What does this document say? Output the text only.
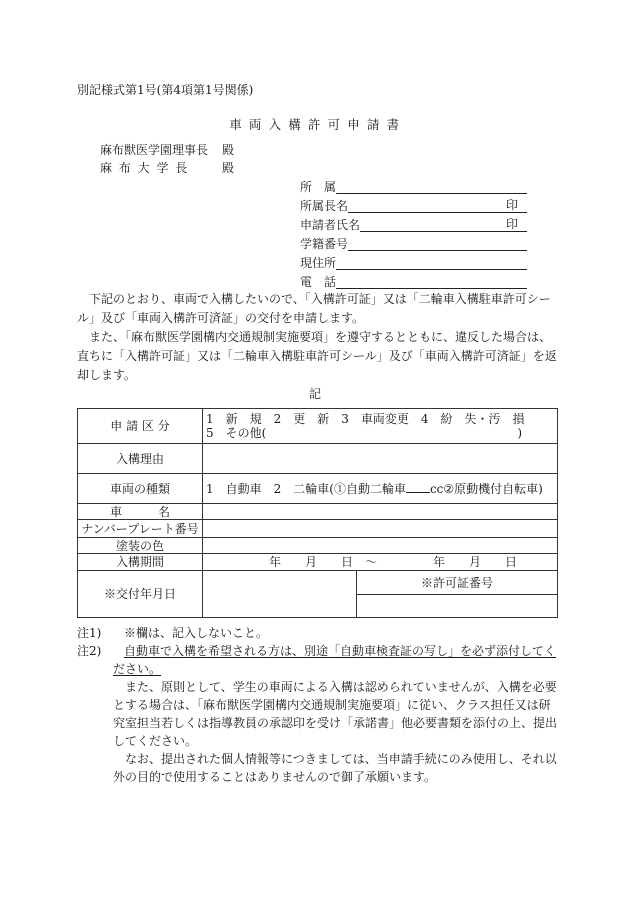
別記様式第1号(第4項第1号関係)
車 両 入 構 許 可 申 請 書
麻布獣医学園理事長 殿
麻 布 大 学 長	殿
所　属
所属長名	印
申請者氏名	印
学籍番号
現住所
電　話
下記のとおり、車両で入構したいので、「入構許可証」又は「二輪車入構駐車許可シー
ル」及び「車両入構許可済証」の交付を申請します。
また、「麻布獣医学園構内交通規制実施要項」を遵守するとともに、違反した場合は、
直ちに「入構許可証」又は「二輪車入構駐車許可シール」及び「車両入構許可済証」を返
却します。
記
申 請 区 分	1　新　規　2　更　新　3　車両変更　4　紛　失・汚　損
5　その他( )	

入構理由		
車両の種類	1　自動車　2　二輪車(①自動二輪車 cc②原動機付自転車)	
車　　　名		
ナンバープレート番号		
塗装の色		
入構期間	年　　月　　日　〜 年　　月　　日	

※交付年月日		※許可証番号

注1) ※欄は、記入しないこと。
注2) 自動車で入構を希望される方は、別途「自動車検査証の写し」を必ず添付してく
ださい。
また、原則として、学生の車両による入構は認められていませんが、入構を必要
とする場合は、「麻布獣医学園構内交通規制実施要項」に従い、クラス担任又は研
究室担当若しくは指導教員の承認印を受け「承諾書」他必要書類を添付の上、提出
してください。
なお、提出された個人情報等につきましては、当申請手続にのみ使用し、それ以
外の目的で使用することはありませんので御了承願います。
